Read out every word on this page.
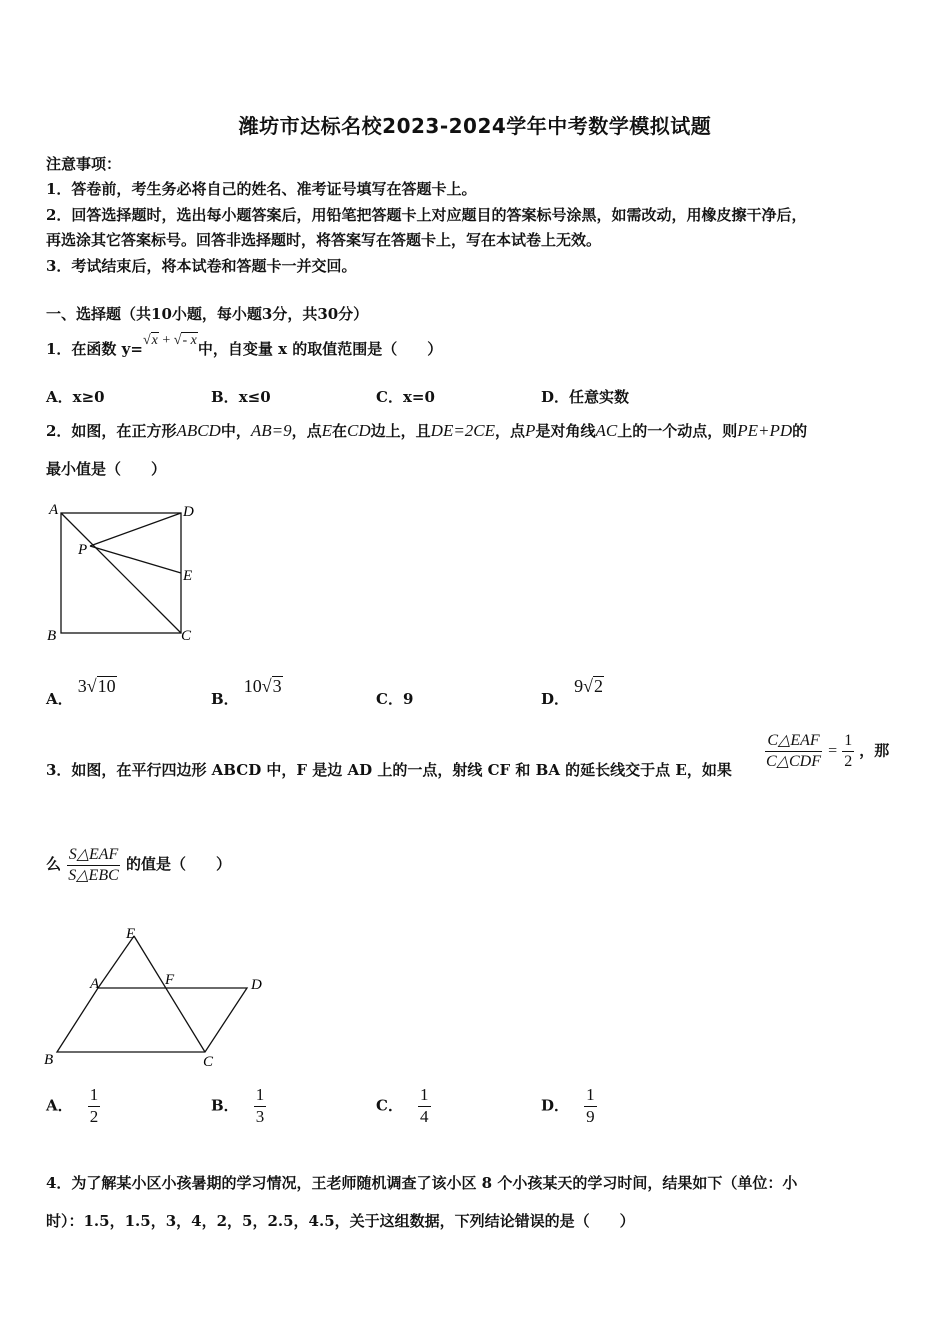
潍坊市达标名校2023-2024学年中考数学模拟试题
注意事项：
1．答卷前，考生务必将自己的姓名、准考证号填写在答题卡上。
2．回答选择题时，选出每小题答案后，用铅笔把答题卡上对应题目的答案标号涂黑，如需改动，用橡皮擦干净后，
再选涂其它答案标号。回答非选择题时，将答案写在答题卡上，写在本试卷上无效。
3．考试结束后，将本试卷和答题卡一并交回。
一、选择题（共10小题，每小题3分，共30分）
1．在函数 y=√x + √- x中，自变量 x 的取值范围是（　　）
A．x≥0	B．x≤0	C．x=0	D．任意实数
2．如图，在正方形ABCD中，AB=9，点E在CD边上，且DE=2CE，点P是对角线AC上的一个动点，则PE+PD的
最小值是（　　）
A	D
P
E
B	C
A． 3√10
B． 10√3
C．9	D． 9√2
3．如图，在平行四边形 ABCD 中，F 是边 AD 上的一点，射线 CF 和 BA 的延长线交于点 E，如果 $\frac{\text{C△EAF}}{\text{C△CDF}} = \frac{1}{2}$ ，那
么 $\frac{\text{S△EAF}}{\text{S△EBC}}$ 的值是（　　）
E
A	F	D
B	C
A． $\frac{1}{2}$	B． $\frac{1}{3}$	C． $\frac{1}{4}$	D． $\frac{1}{9}$
4．为了解某小区小孩暑期的学习情况，王老师随机调查了该小区 8 个小孩某天的学习时间，结果如下（单位：小
时）：1.5，1.5，3，4，2，5，2.5，4.5，关于这组数据，下列结论错误的是（　　）
